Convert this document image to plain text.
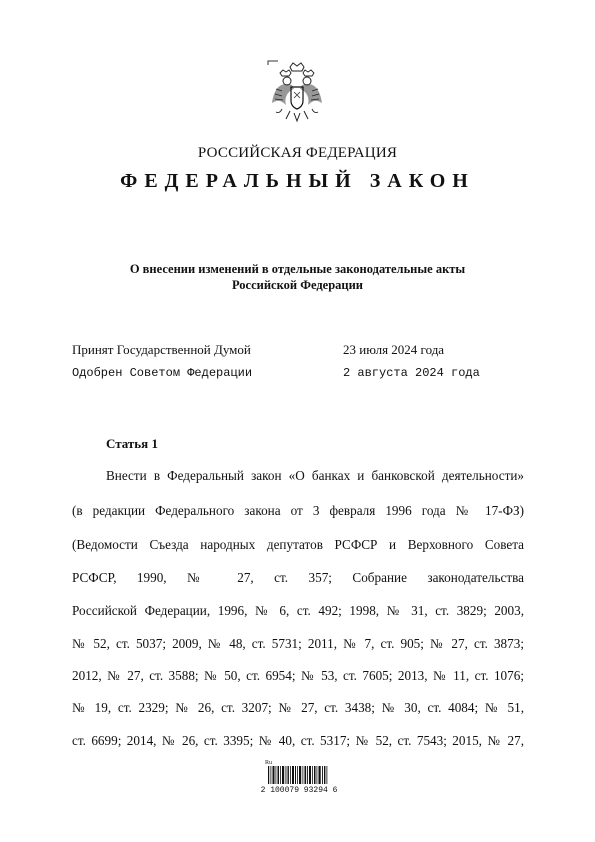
РОССИЙСКАЯ ФЕДЕРАЦИЯ
ФЕДЕРАЛЬНЫЙ ЗАКОН
О внесении изменений в отдельные законодательные акты
Российской Федерации
Принят Государственной Думой	23 июля 2024 года
Одобрен Советом Федерации	2 августа 2024 года
Статья 1
Внести в Федеральный закон «О банках и банковской деятельности»
(в редакции Федерального закона от 3 февраля 1996 года № 17-ФЗ)
(Ведомости Съезда народных депутатов РСФСР и Верховного Совета
РСФСР, 1990, № 27, ст. 357; Собрание законодательства
Российской Федерации, 1996, № 6, ст. 492; 1998, № 31, ст. 3829; 2003,
№ 52, ст. 5037; 2009, № 48, ст. 5731; 2011, № 7, ст. 905; № 27, ст. 3873;
2012, № 27, ст. 3588; № 50, ст. 6954; № 53, ст. 7605; 2013, № 11, ст. 1076;
№ 19, ст. 2329; № 26, ст. 3207; № 27, ст. 3438; № 30, ст. 4084; № 51,
ст. 6699; 2014, № 26, ст. 3395; № 40, ст. 5317; № 52, ст. 7543; 2015, № 27,
Ru
2 100079 93294 6
